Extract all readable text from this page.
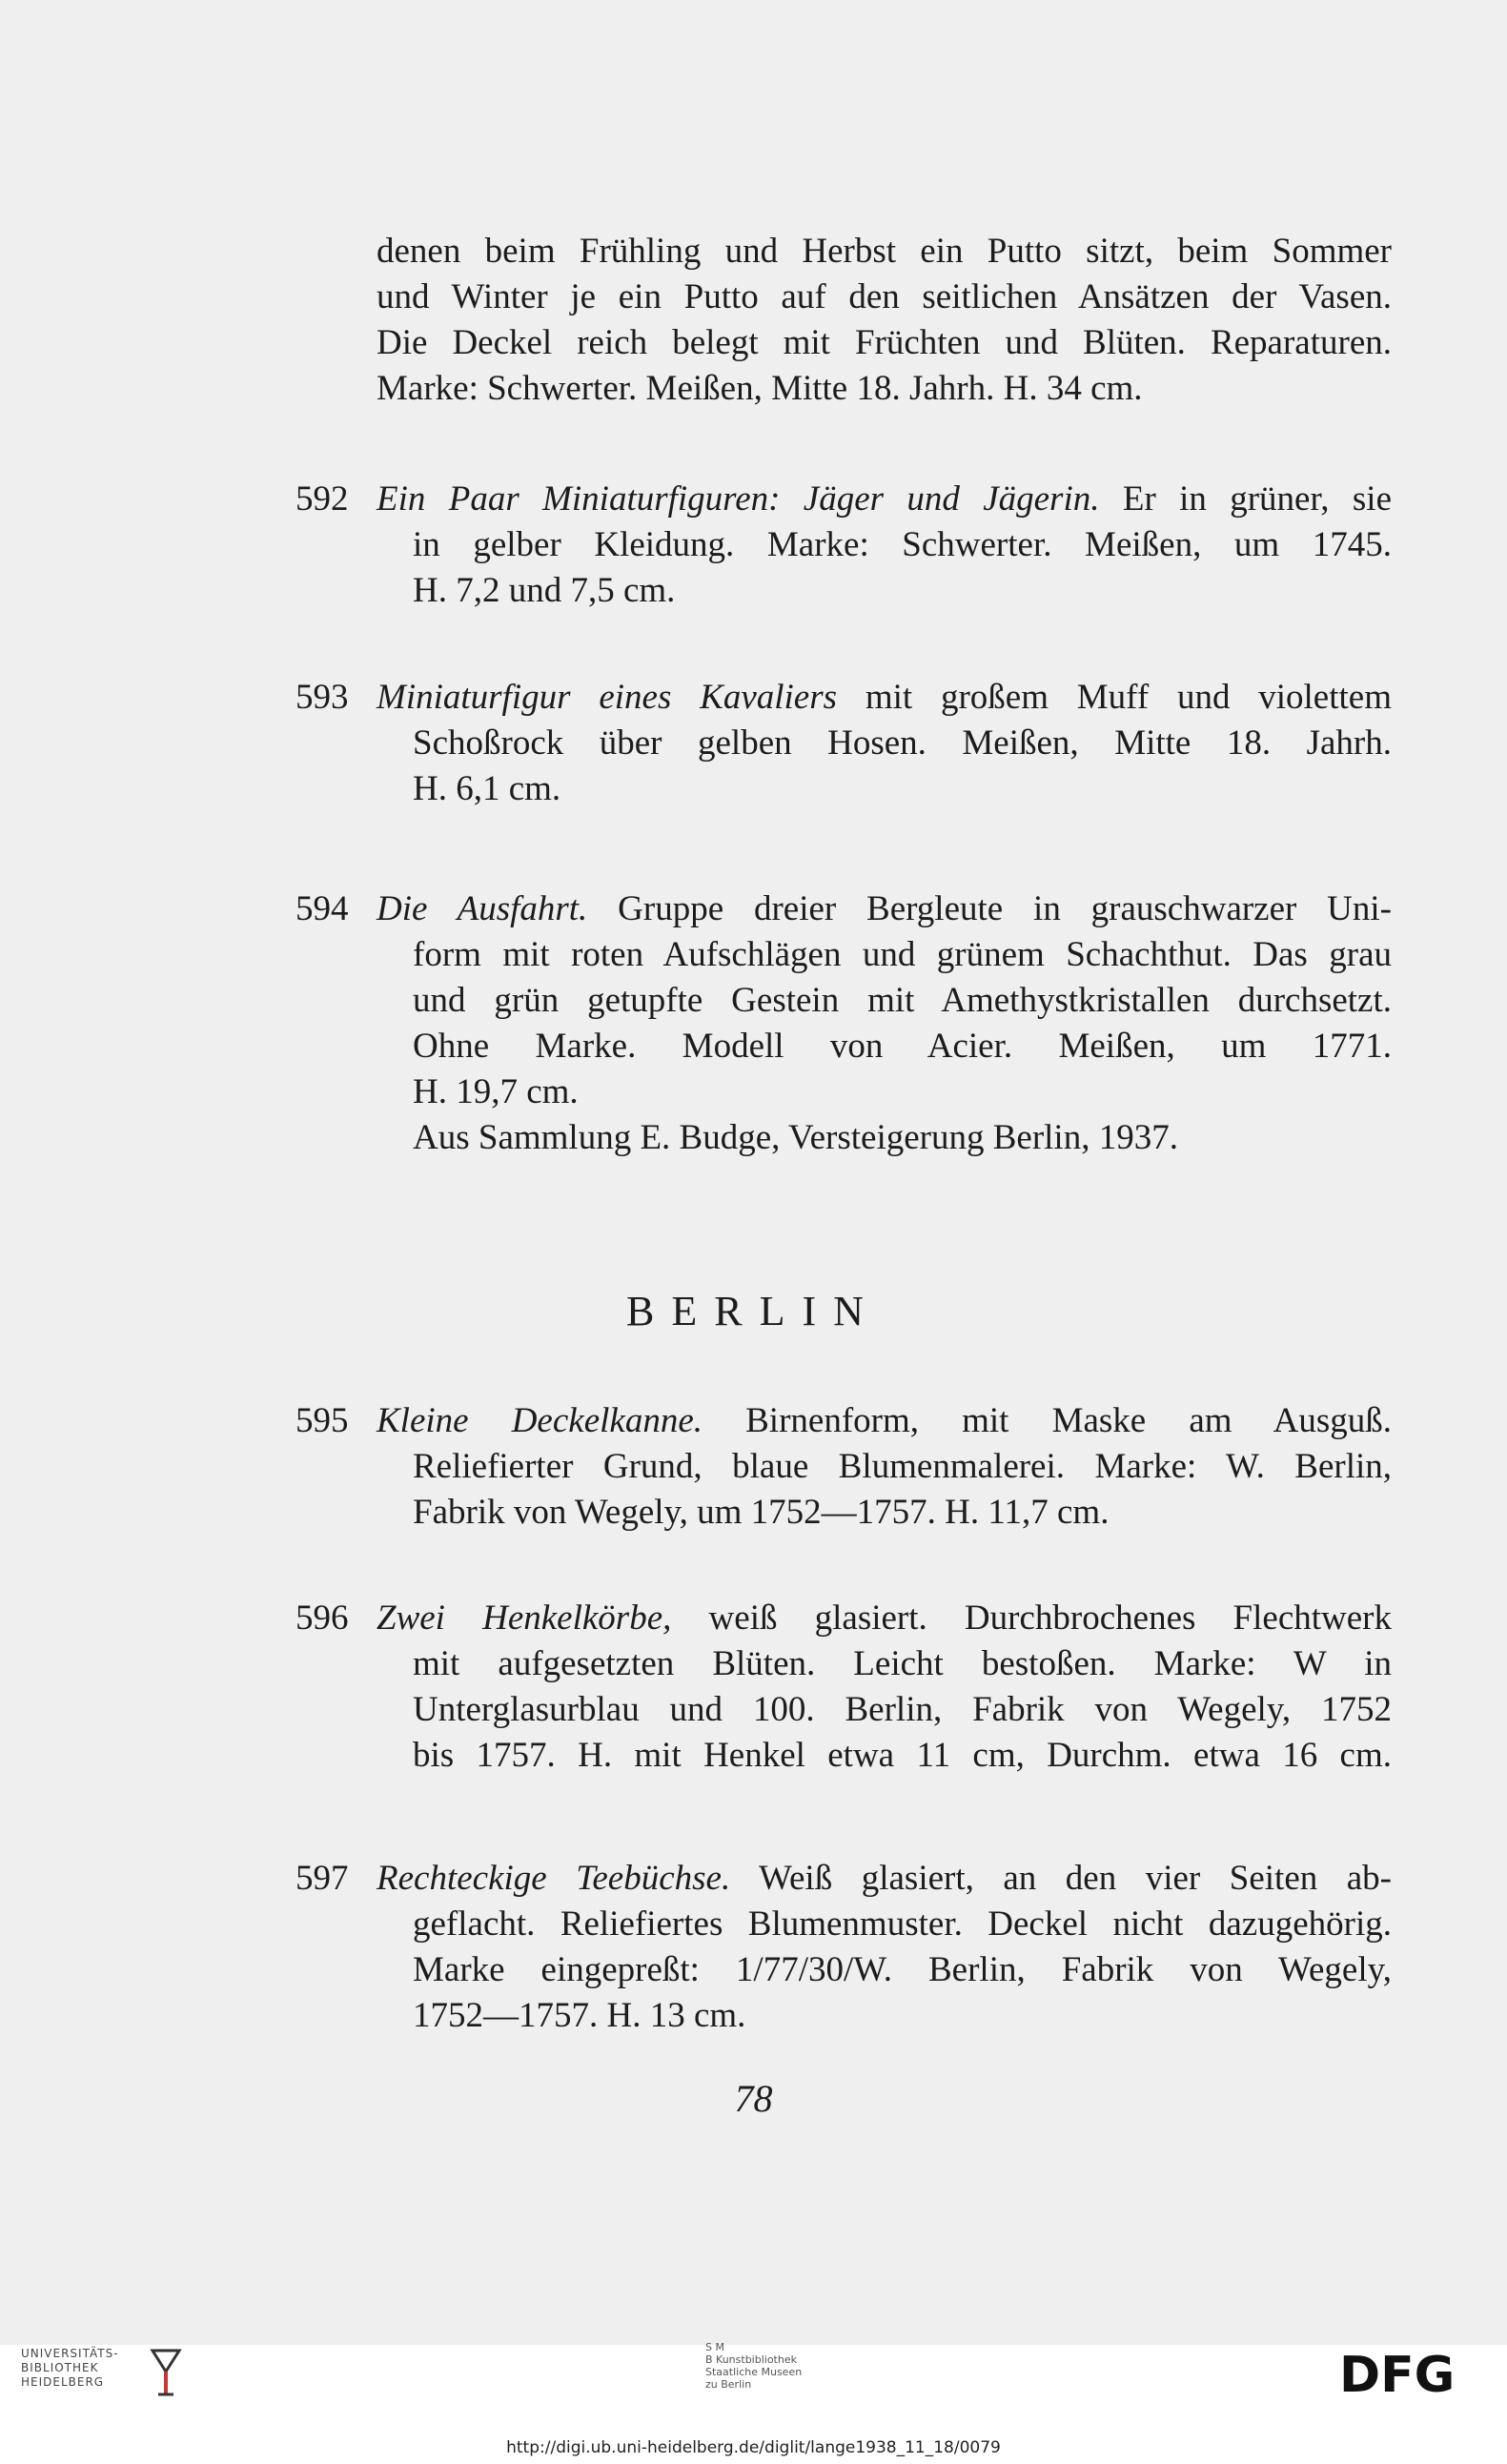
denen beim Frühling und Herbst ein Putto sitzt, beim Sommer
und Winter je ein Putto auf den seitlichen Ansätzen der Vasen.
Die Deckel reich belegt mit Früchten und Blüten. Reparaturen.
Marke: Schwerter. Meißen, Mitte 18. Jahrh. H. 34 cm.
592 Ein Paar Miniaturfiguren: Jäger und Jägerin. Er in grüner, sie
in gelber Kleidung. Marke: Schwerter. Meißen, um 1745.
H. 7,2 und 7,5 cm.
593 Miniaturfigur eines Kavaliers mit großem Muff und violettem
Schoßrock über gelben Hosen. Meißen, Mitte 18. Jahrh.
H. 6,1 cm.
594 Die Ausfahrt. Gruppe dreier Bergleute in grauschwarzer Uni-
form mit roten Aufschlägen und grünem Schachthut. Das grau
und grün getupfte Gestein mit Amethystkristallen durchsetzt.
Ohne Marke. Modell von Acier. Meißen, um 1771.
H. 19,7 cm.
Aus Sammlung E. Budge, Versteigerung Berlin, 1937.
595 Kleine Deckelkanne. Birnenform, mit Maske am Ausguß.
Reliefierter Grund, blaue Blumenmalerei. Marke: W. Berlin,
Fabrik von Wegely, um 1752—1757. H. 11,7 cm.
596 Zwei Henkelkörbe, weiß glasiert. Durchbrochenes Flechtwerk
mit aufgesetzten Blüten. Leicht bestoßen. Marke: W in
Unterglasurblau und 100. Berlin, Fabrik von Wegely, 1752
bis 1757. H. mit Henkel etwa 11 cm, Durchm. etwa 16 cm.
597 Rechteckige Teebüchse. Weiß glasiert, an den vier Seiten ab-
geflacht. Reliefiertes Blumenmuster. Deckel nicht dazugehörig.
Marke eingepreßt: 1/77/30/W. Berlin, Fabrik von Wegely,
1752—1757. H. 13 cm.
BERLIN
78
UNIVERSITÄTS-
BIBLIOTHEK
HEIDELBERG
S M
B Kunstbibliothek
Staatliche Museen
zu Berlin	DFG
http://digi.ub.uni-heidelberg.de/diglit/lange1938_11_18/0079
